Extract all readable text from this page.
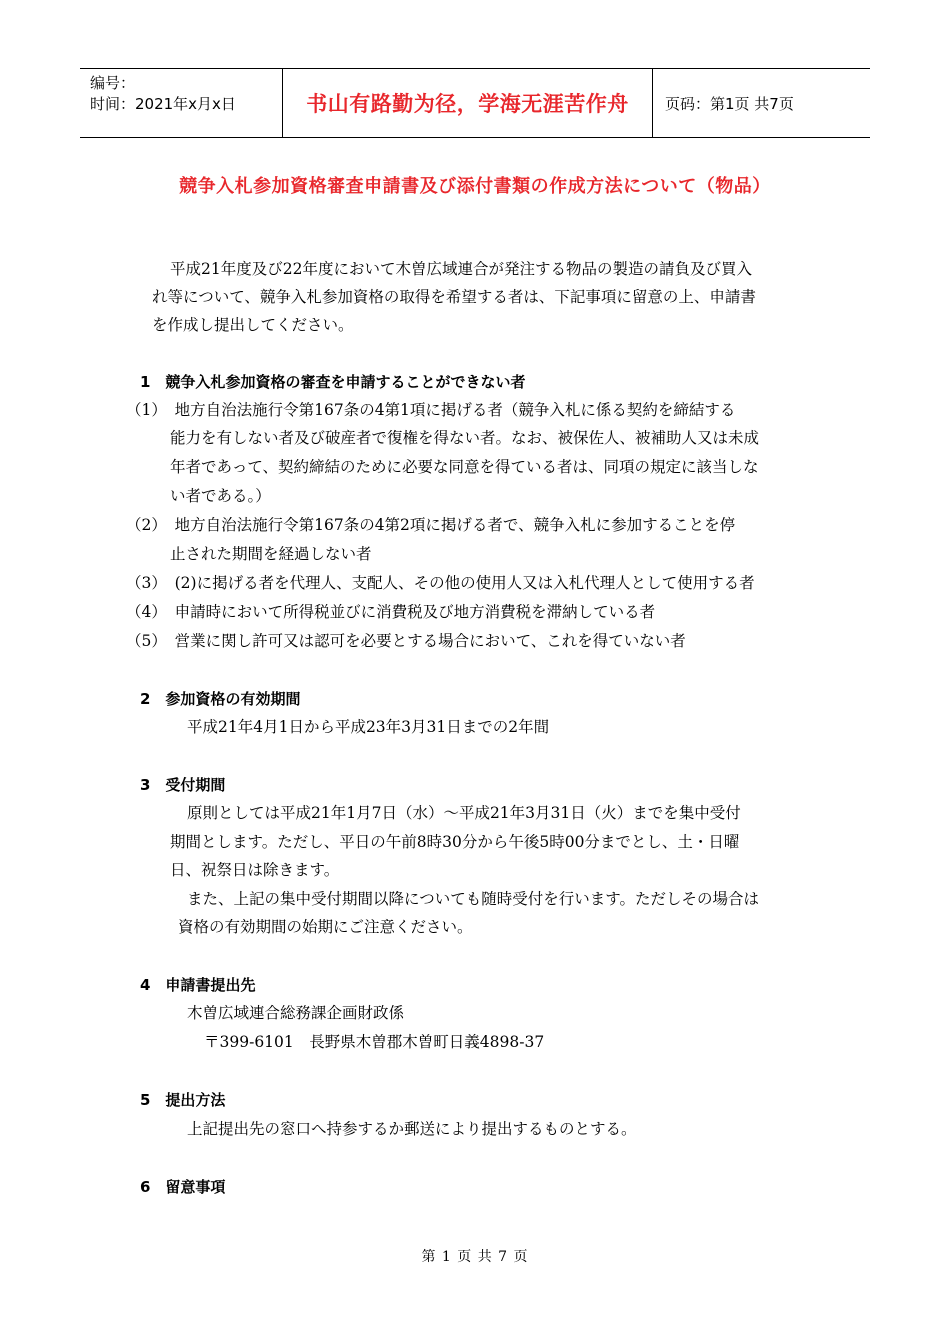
编号：
时间：2021年x月x日	书山有路勤为径，学海无涯苦作舟	页码：第1页 共7页
競争入札参加資格審査申請書及び添付書類の作成方法について（物品）
平成21年度及び22年度において木曽広域連合が発注する物品の製造の請負及び買入
れ等について、競争入札参加資格の取得を希望する者は、下記事項に留意の上、申請書
を作成し提出してください。
1　競争入札参加資格の審査を申請することができない者
（1）　地方自治法施行令第167条の4第1項に掲げる者（競争入札に係る契約を締結する
能力を有しない者及び破産者で復権を得ない者。なお、被保佐人、被補助人又は未成
年者であって、契約締結のために必要な同意を得ている者は、同項の規定に該当しな
い者である。）
（2）　地方自治法施行令第167条の4第2項に掲げる者で、競争入札に参加することを停
止された期間を経過しない者
（3）　(2)に掲げる者を代理人、支配人、その他の使用人又は入札代理人として使用する者
（4）　申請時において所得税並びに消費税及び地方消費税を滞納している者
（5）　営業に関し許可又は認可を必要とする場合において、これを得ていない者
2　参加資格の有効期間
平成21年4月1日から平成23年3月31日までの2年間
3　受付期間
原則としては平成21年1月7日（水）～平成21年3月31日（火）までを集中受付
期間とします。ただし、平日の午前8時30分から午後5時00分までとし、土・日曜
日、祝祭日は除きます。
また、上記の集中受付期間以降についても随時受付を行います。ただしその場合は
資格の有効期間の始期にご注意ください。
4　申請書提出先
木曽広域連合総務課企画財政係
〒399-6101　長野県木曽郡木曽町日義4898-37
5　提出方法
上記提出先の窓口へ持参するか郵送により提出するものとする。
6　留意事項
第 1 页 共 7 页
